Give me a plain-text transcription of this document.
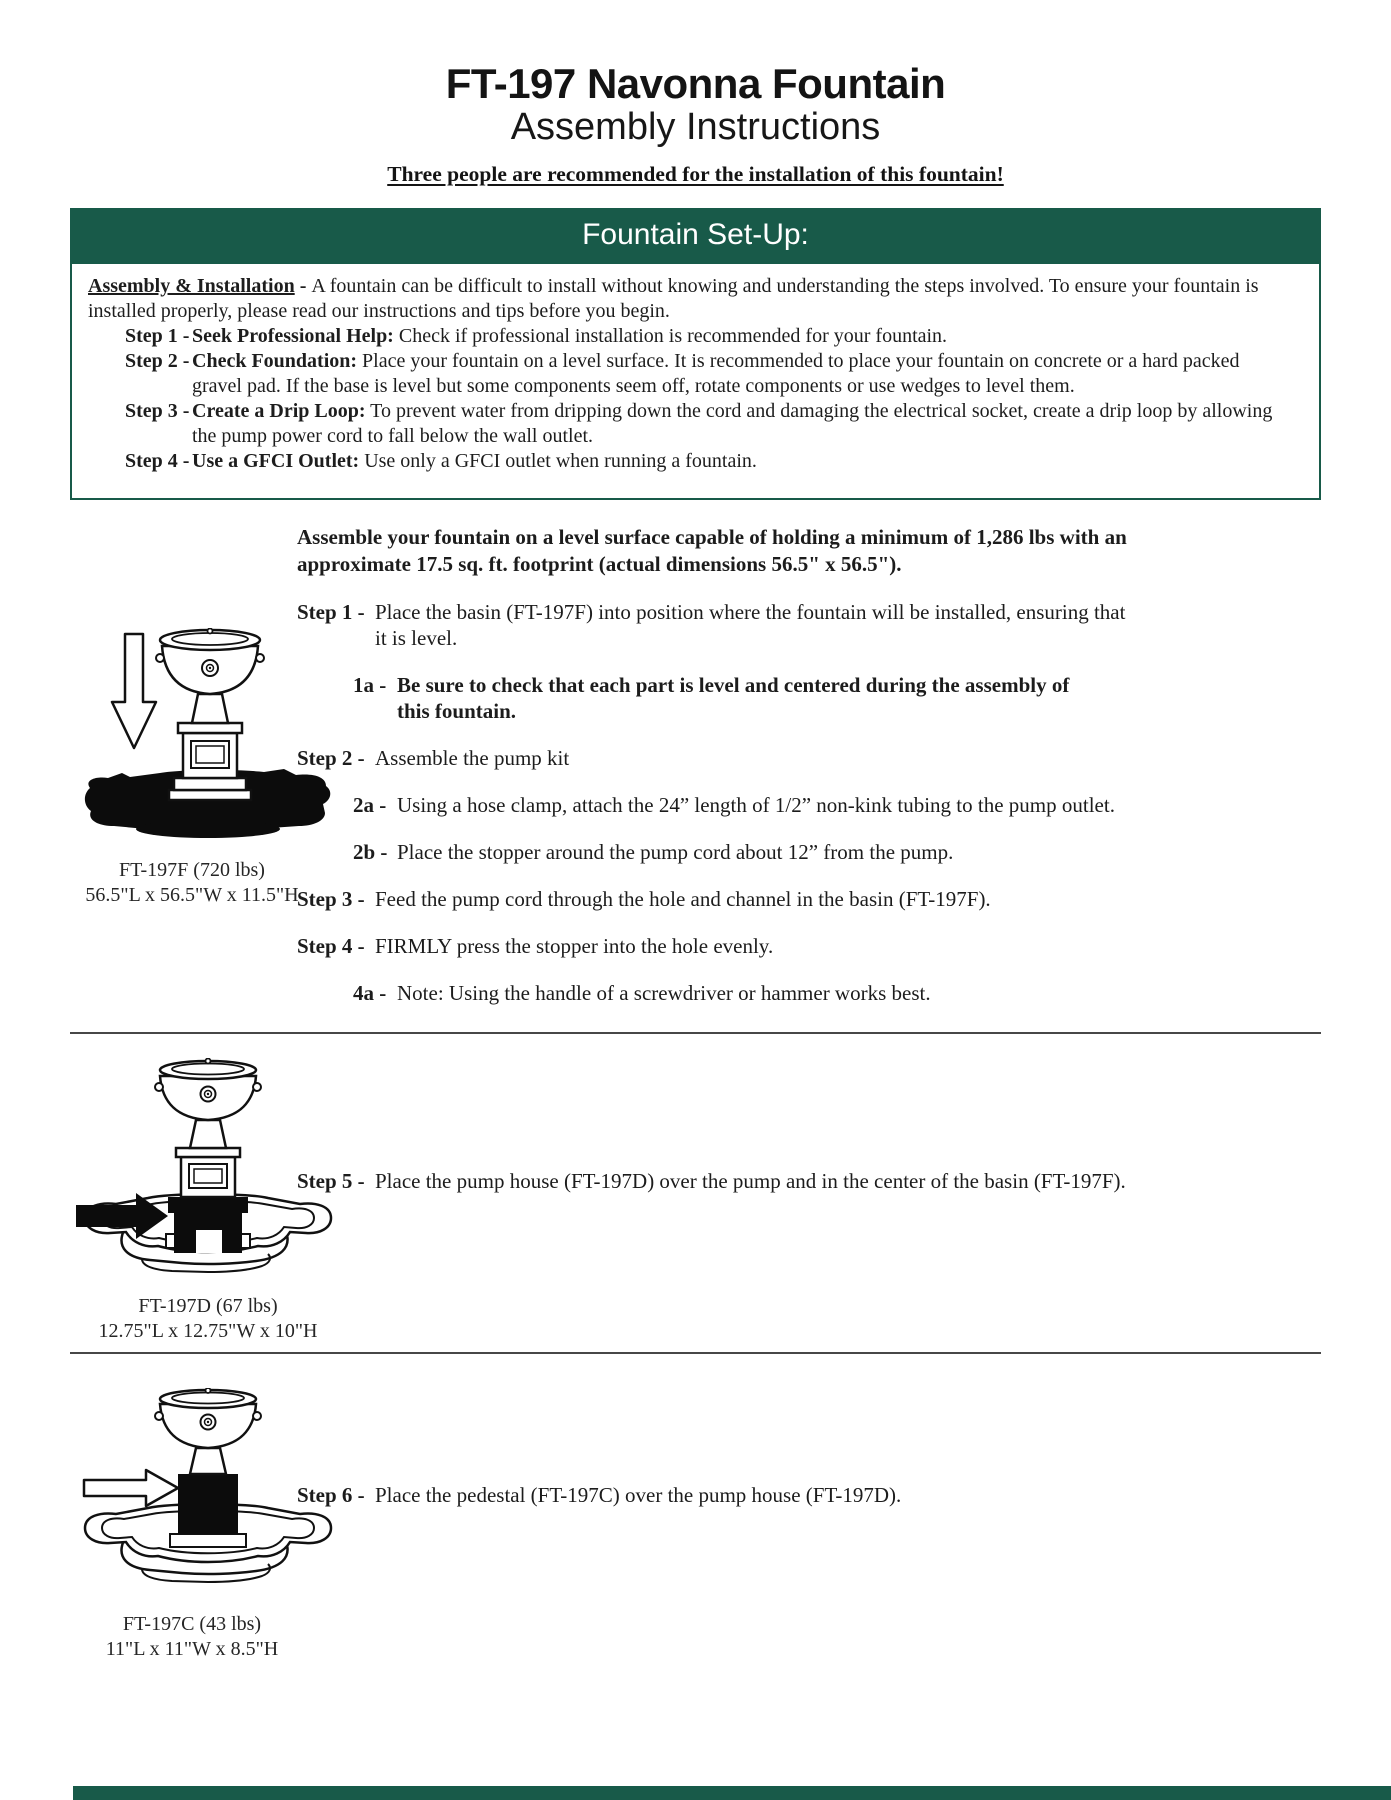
FT-197 Navonna Fountain
Assembly Instructions
Three people are recommended for the installation of this fountain!
Fountain Set-Up:
Assembly & Installation - A fountain can be difficult to install without knowing and understanding the steps involved. To ensure your fountain is
installed properly, please read our instructions and tips before you begin.
Step 1 - Seek Professional Help: Check if professional installation is recommended for your fountain.
Step 2 - Check Foundation: Place your fountain on a level surface. It is recommended to place your fountain on concrete or a hard packed
gravel pad. If the base is level but some components seem off, rotate components or use wedges to level them.
Step 3 - Create a Drip Loop: To prevent water from dripping down the cord and damaging the electrical socket, create a drip loop by allowing
the pump power cord to fall below the wall outlet.
Step 4 - Use a GFCI Outlet: Use only a GFCI outlet when running a fountain.
Assemble your fountain on a level surface capable of holding a minimum of 1,286 lbs with an
approximate 17.5 sq. ft. footprint (actual dimensions 56.5" x 56.5").
Step 1 - Place the basin (FT-197F) into position where the fountain will be installed, ensuring that
it is level.
1a - Be sure to check that each part is level and centered during the assembly of
this fountain.
Step 2 - Assemble the pump kit
2a - Using a hose clamp, attach the 24” length of 1/2” non-kink tubing to the pump outlet.
2b - Place the stopper around the pump cord about 12” from the pump.
Step 3 - Feed the pump cord through the hole and channel in the basin (FT-197F).
Step 4 - FIRMLY press the stopper into the hole evenly.
4a - Note: Using the handle of a screwdriver or hammer works best.
FT-197F (720 lbs)
56.5"L x 56.5"W x 11.5"H
Step 5 - Place the pump house (FT-197D) over the pump and in the center of the basin (FT-197F).
FT-197D (67 lbs)
12.75"L x 12.75"W x 10"H
Step 6 - Place the pedestal (FT-197C) over the pump house (FT-197D).
FT-197C (43 lbs)
11"L x 11"W x 8.5"H
